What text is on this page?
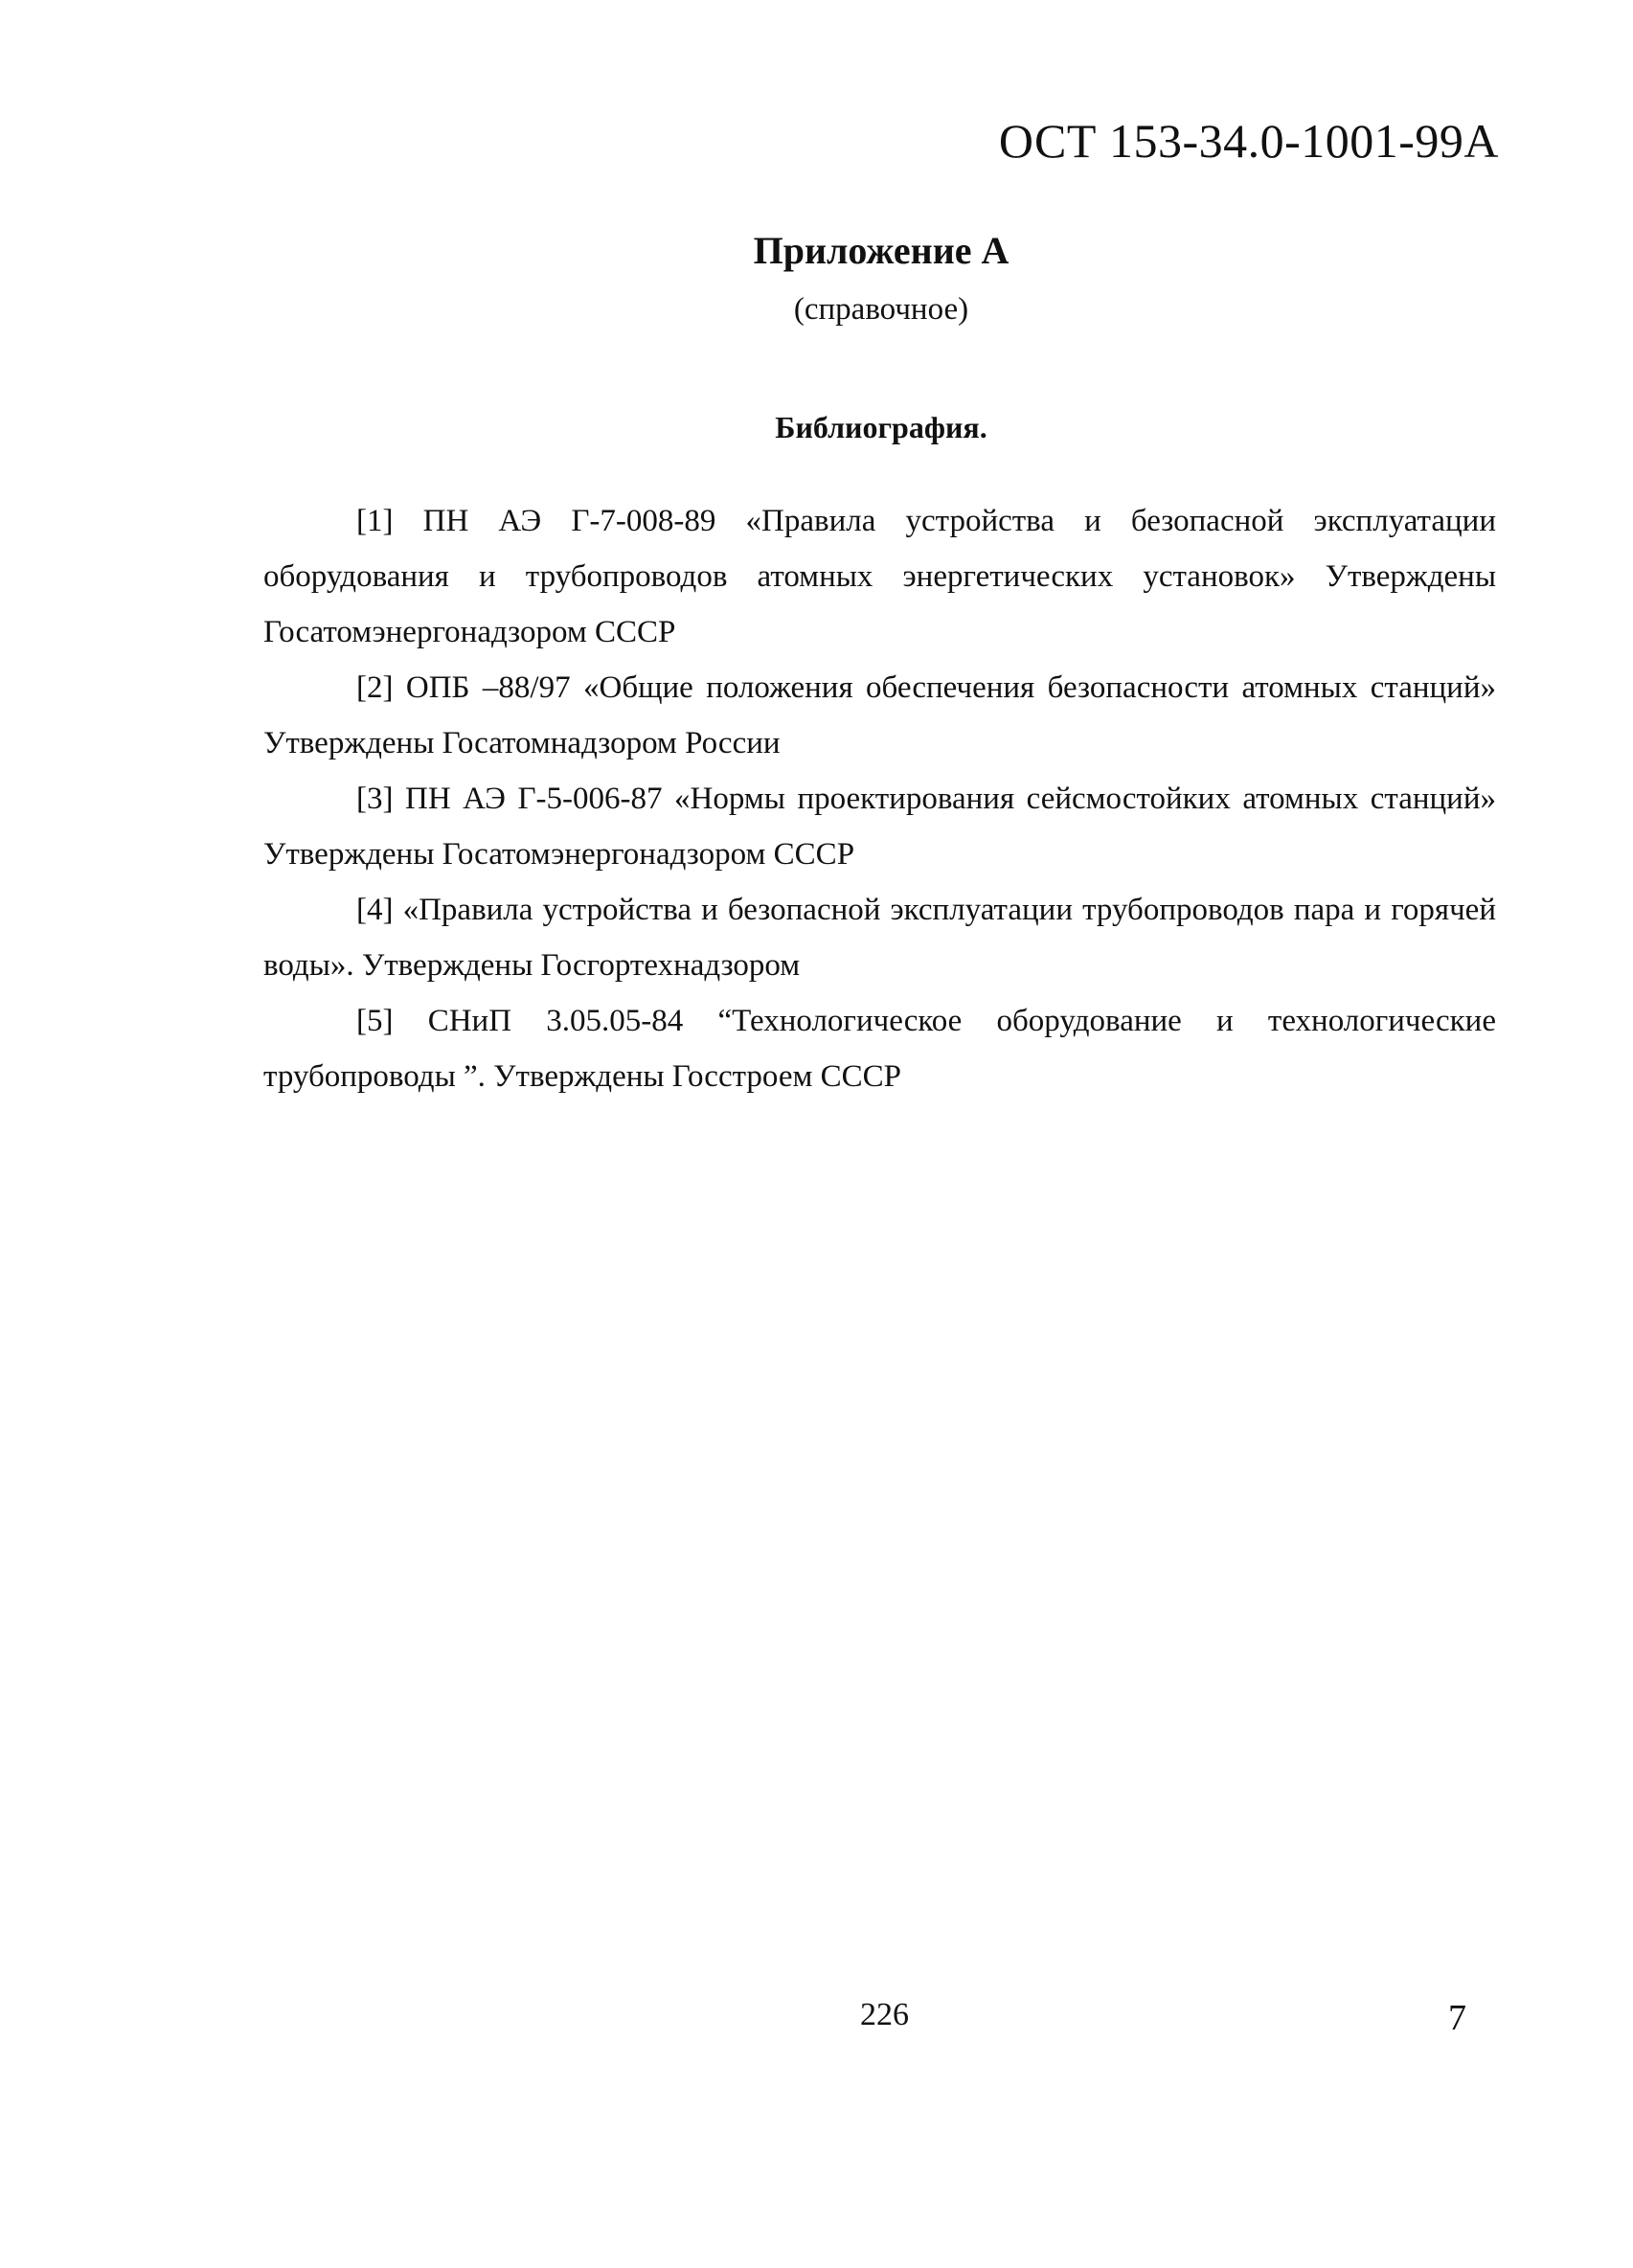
ОСТ 153-34.0-1001-99А
Приложение А
(справочное)
Библиография.
[1] ПН АЭ Г-7-008-89 «Правила устройства и безопасной эксплуатации оборудования и трубопроводов атомных энергетических установок» Утверждены Госатомэнергонадзором СССР
[2] ОПБ –88/97 «Общие положения обеспечения безопасности атомных станций» Утверждены Госатомнадзором России
[3] ПН АЭ Г-5-006-87 «Нормы проектирования сейсмостойких атомных станций» Утверждены Госатомэнергонадзором СССР
[4] «Правила устройства и безопасной эксплуатации трубопроводов пара и горячей воды». Утверждены Госгортехнадзором
[5] СНиП 3.05.05-84 “Технологическое оборудование и технологические трубопроводы ”. Утверждены Госстроем СССР
226	7
